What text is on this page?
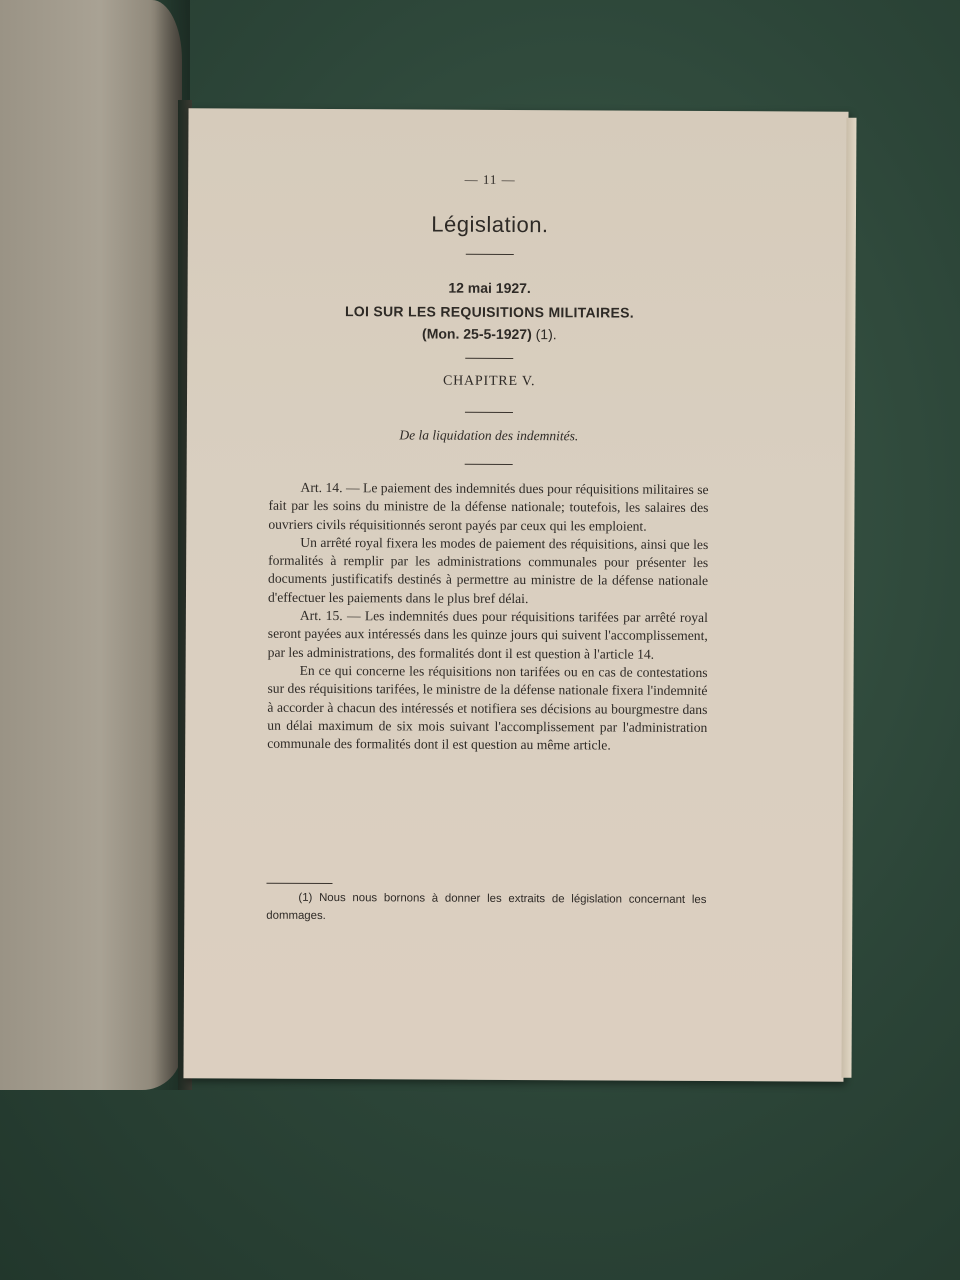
— 11 —
Législation.
12 mai 1927.
LOI SUR LES REQUISITIONS MILITAIRES.
(Mon. 25-5-1927) (1).
CHAPITRE V.
De la liquidation des indemnités.

Art. 14. — Le paiement des indemnités dues pour réquisitions militaires se fait par les soins du ministre de la défense nationale; toutefois, les salaires des ouvriers civils réquisitionnés seront payés par ceux qui les emploient.

Un arrêté royal fixera les modes de paiement des réquisitions, ainsi que les formalités à remplir par les administrations communales pour présenter les documents justificatifs destinés à permettre au ministre de la défense nationale d'effectuer les paiements dans le plus bref délai.

Art. 15. — Les indemnités dues pour réquisitions tarifées par arrêté royal seront payées aux intéressés dans les quinze jours qui suivent l'accomplissement, par les administrations, des formalités dont il est question à l'article 14.

En ce qui concerne les réquisitions non tarifées ou en cas de contestations sur des réquisitions tarifées, le ministre de la défense nationale fixera l'indemnité à accorder à chacun des intéressés et notifiera ses décisions au bourgmestre dans un délai maximum de six mois suivant l'accomplissement par l'administration communale des formalités dont il est question au même article.

(1) Nous nous bornons à donner les extraits de législation concernant les dommages.
